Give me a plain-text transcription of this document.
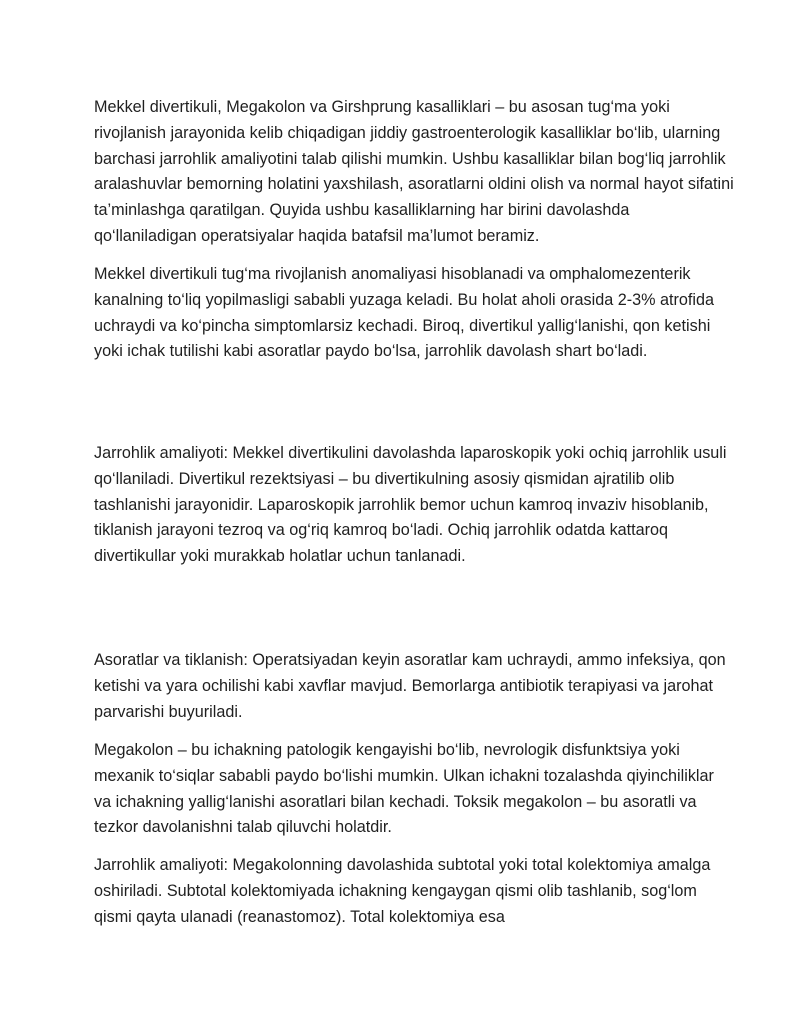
Mekkel divertikuli, Megakolon va Girshprung kasalliklari – bu asosan tug‘ma yoki rivojlanish jarayonida kelib chiqadigan jiddiy gastroenterologik kasalliklar bo‘lib, ularning barchasi jarrohlik amaliyotini talab qilishi mumkin. Ushbu kasalliklar bilan bog‘liq jarrohlik aralashuvlar bemorning holatini yaxshilash, asoratlarni oldini olish va normal hayot sifatini ta’minlashga qaratilgan. Quyida ushbu kasalliklarning har birini davolashda qo‘llaniladigan operatsiyalar haqida batafsil ma’lumot beramiz.

Mekkel divertikuli tug‘ma rivojlanish anomaliyasi hisoblanadi va omphalomezenterik kanalning to‘liq yopilmasligi sababli yuzaga keladi. Bu holat aholi orasida 2-3% atrofida uchraydi va ko‘pincha simptomlarsiz kechadi. Biroq, divertikul yallig‘lanishi, qon ketishi yoki ichak tutilishi kabi asoratlar paydo bo‘lsa, jarrohlik davolash shart bo‘ladi.

Jarrohlik amaliyoti: Mekkel divertikulini davolashda laparoskopik yoki ochiq jarrohlik usuli qo‘llaniladi. Divertikul rezektsiyasi – bu divertikulning asosiy qismidan ajratilib olib tashlanishi jarayonidir. Laparoskopik jarrohlik bemor uchun kamroq invaziv hisoblanib, tiklanish jarayoni tezroq va og‘riq kamroq bo‘ladi. Ochiq jarrohlik odatda kattaroq divertikullar yoki murakkab holatlar uchun tanlanadi.

Asoratlar va tiklanish: Operatsiyadan keyin asoratlar kam uchraydi, ammo infeksiya, qon ketishi va yara ochilishi kabi xavflar mavjud. Bemorlarga antibiotik terapiyasi va jarohat parvarishi buyuriladi.

Megakolon – bu ichakning patologik kengayishi bo‘lib, nevrologik disfunktsiya yoki mexanik to‘siqlar sababli paydo bo‘lishi mumkin. Ulkan ichakni tozalashda qiyinchiliklar va ichakning yallig‘lanishi asoratlari bilan kechadi. Toksik megakolon – bu asoratli va tezkor davolanishni talab qiluvchi holatdir.

Jarrohlik amaliyoti: Megakolonning davolashida subtotal yoki total kolektomiya amalga oshiriladi. Subtotal kolektomiyada ichakning kengaygan qismi olib tashlanib, sog‘lom qismi qayta ulanadi (reanastomoz). Total kolektomiya esa
